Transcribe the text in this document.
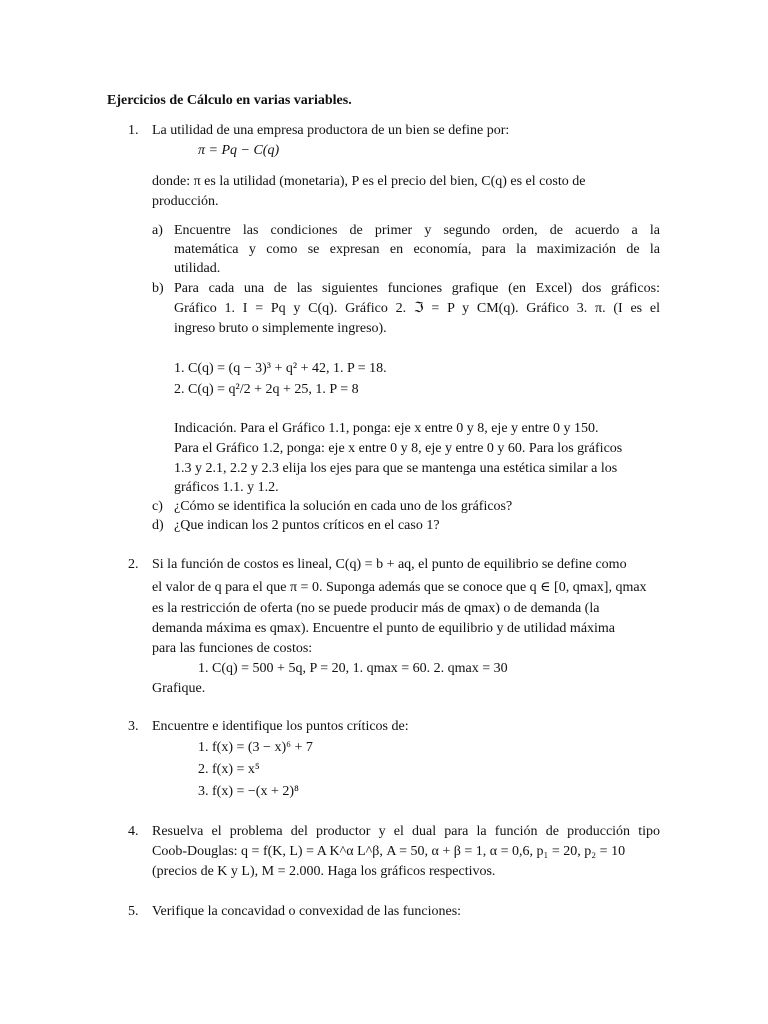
Ejercicios de Cálculo en varias variables.
1. La utilidad de una empresa productora de un bien se define por:
π = Pq − C(q)
donde: π es la utilidad (monetaria), P es el precio del bien, C(q) es el costo de
producción.
a) Encuentre las condiciones de primer y segundo orden, de acuerdo a la
matemática y como se expresan en economía, para la maximización de la
utilidad.
b) Para cada una de las siguientes funciones grafique (en Excel) dos gráficos:
Gráfico 1. I = Pq y C(q). Gráfico 2. ℑ = P y CM(q). Gráfico 3. π. (I es el
ingreso bruto o simplemente ingreso).
1. C(q) = (q − 3)³ + q² + 42, 1. P = 18.
2. C(q) = q²/2 + 2q + 25, 1. P = 8
Indicación. Para el Gráfico 1.1, ponga: eje x entre 0 y 8, eje y entre 0 y 150.
Para el Gráfico 1.2, ponga: eje x entre 0 y 8, eje y entre 0 y 60. Para los gráficos
1.3 y 2.1, 2.2 y 2.3 elija los ejes para que se mantenga una estética similar a los
gráficos 1.1. y 1.2.
c) ¿Cómo se identifica la solución en cada uno de los gráficos?
d) ¿Que indican los 2 puntos críticos en el caso 1?
2. Si la función de costos es lineal, C(q) = b + aq, el punto de equilibrio se define como
el valor de q para el que π = 0. Suponga además que se conoce que q ∈ [0, qmax], qmax
es la restricción de oferta (no se puede producir más de qmax) o de demanda (la
demanda máxima es qmax). Encuentre el punto de equilibrio y de utilidad máxima
para las funciones de costos:
1. C(q) = 500 + 5q, P = 20, 1. qmax = 60. 2. qmax = 30
Grafique.
3. Encuentre e identifique los puntos críticos de:
1. f(x) = (3 − x)⁶ + 7
2. f(x) = x⁵
3. f(x) = −(x + 2)⁸
4. Resuelva el problema del productor y el dual para la función de producción tipo
Coob-Douglas: q = f(K, L) = A K^α L^β, A = 50, α + β = 1, α = 0,6, p₁ = 20, p₂ = 10
(precios de K y L), M = 2.000. Haga los gráficos respectivos.
5. Verifique la concavidad o convexidad de las funciones:
